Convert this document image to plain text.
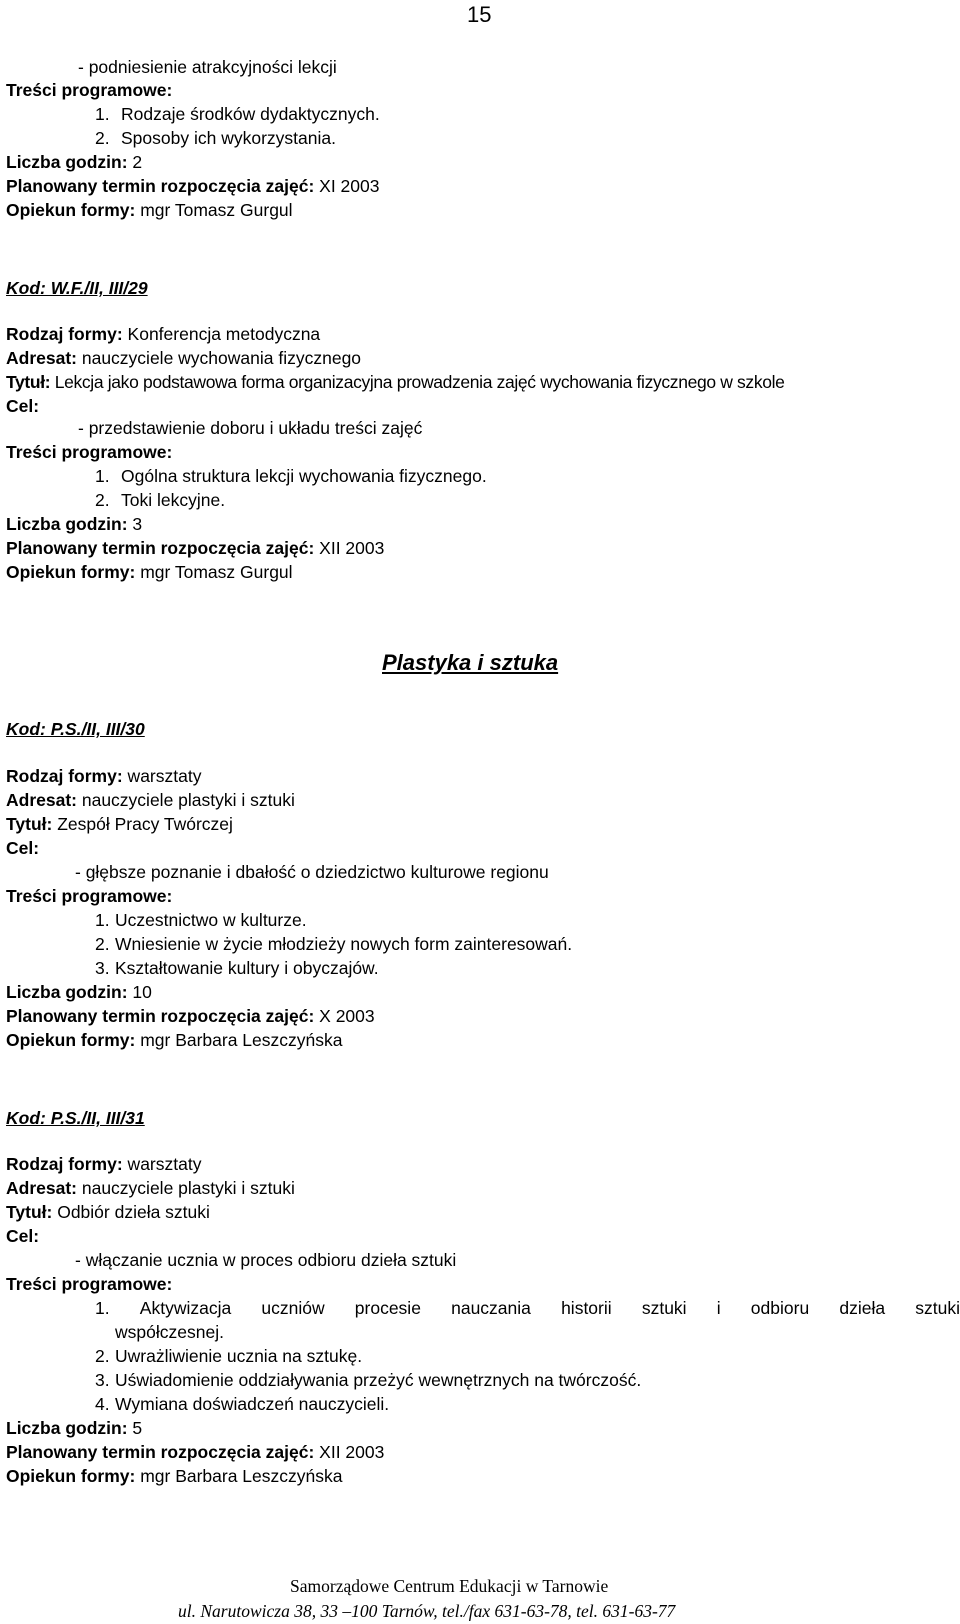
15
- podniesienie atrakcyjności lekcji
Treści programowe:
1. Rodzaje środków dydaktycznych.
2. Sposoby ich wykorzystania.
Liczba godzin: 2
Planowany termin rozpoczęcia zajęć: XI 2003
Opiekun formy: mgr Tomasz Gurgul
Kod: W.F./II, III/29
Rodzaj formy: Konferencja metodyczna
Adresat: nauczyciele wychowania fizycznego
Tytuł: Lekcja jako podstawowa forma organizacyjna prowadzenia zajęć wychowania fizycznego w szkole
Cel:
- przedstawienie doboru i układu treści zajęć
Treści programowe:
1. Ogólna struktura lekcji wychowania fizycznego.
2. Toki lekcyjne.
Liczba godzin: 3
Planowany termin rozpoczęcia zajęć: XII 2003
Opiekun formy: mgr Tomasz Gurgul
Plastyka i sztuka
Kod: P.S./II, III/30
Rodzaj formy: warsztaty
Adresat: nauczyciele plastyki i sztuki
Tytuł: Zespół Pracy Twórczej
Cel:
- głębsze poznanie i dbałość o dziedzictwo kulturowe regionu
Treści programowe:
1. Uczestnictwo w kulturze.
2. Wniesienie w życie młodzieży nowych form zainteresowań.
3. Kształtowanie kultury i obyczajów.
Liczba godzin: 10
Planowany termin rozpoczęcia zajęć: X 2003
Opiekun formy: mgr Barbara Leszczyńska
Kod: P.S./II, III/31
Rodzaj formy: warsztaty
Adresat: nauczyciele plastyki i sztuki
Tytuł: Odbiór dzieła sztuki
Cel:
- włączanie ucznia w proces odbioru dzieła sztuki
Treści programowe:
1. Aktywizacja uczniów procesie nauczania historii sztuki i odbioru dzieła sztuki
współczesnej.
2. Uwrażliwienie ucznia na sztukę.
3. Uświadomienie oddziaływania przeżyć wewnętrznych na twórczość.
4. Wymiana doświadczeń nauczycieli.
Liczba godzin: 5
Planowany termin rozpoczęcia zajęć: XII 2003
Opiekun formy: mgr Barbara Leszczyńska
Samorządowe Centrum Edukacji w Tarnowie
ul. Narutowicza 38, 33 –100 Tarnów, tel./fax 631-63-78, tel. 631-63-77
